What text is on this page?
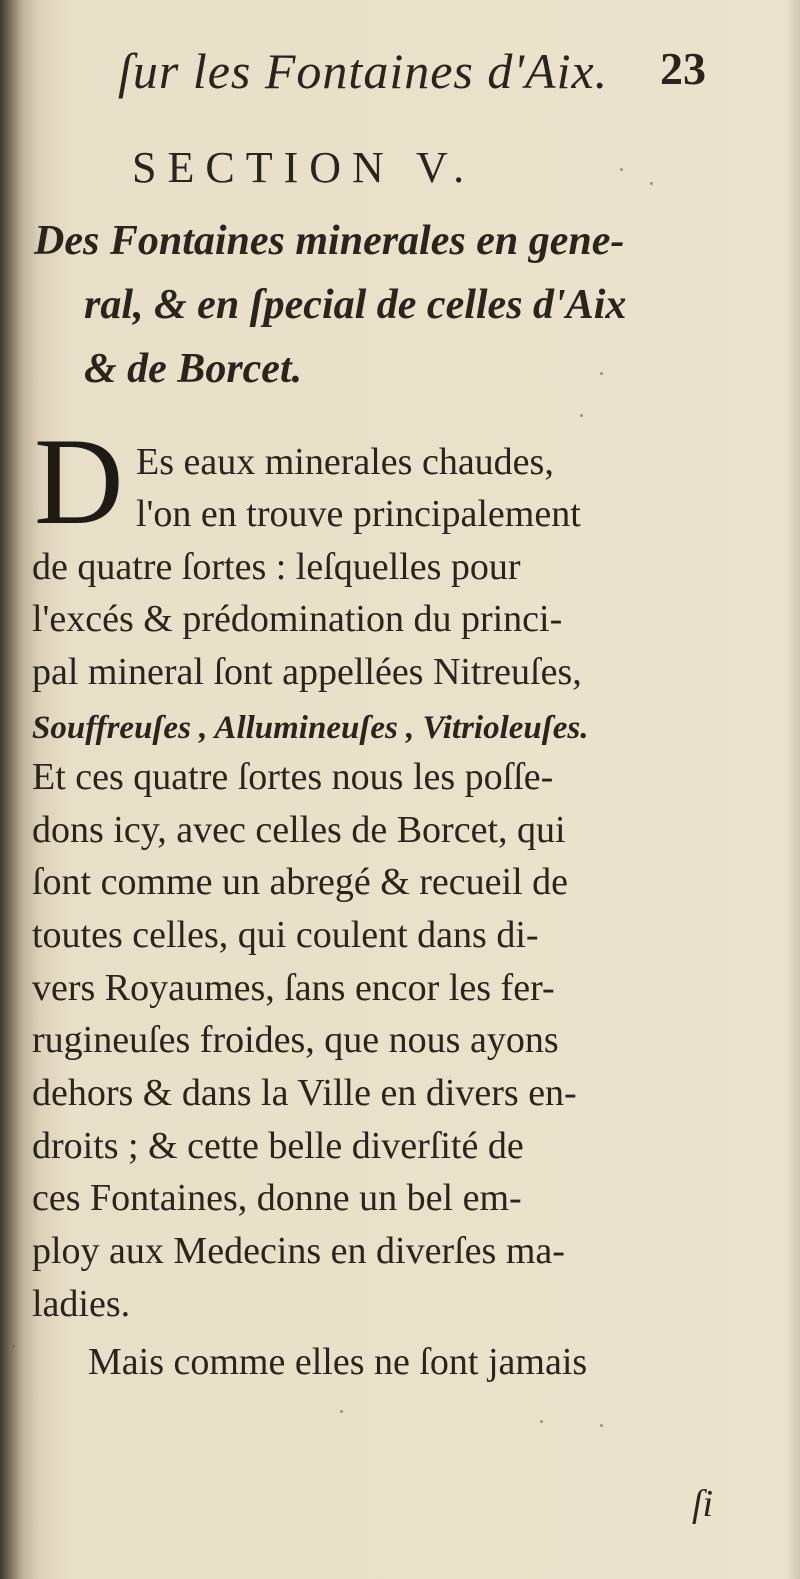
ſur les Fontaines d'Aix. 23
SECTION V.
Des Fontaines minerales en gene-
ral, & en ſpecial de celles d'Aix
& de Borcet.
D Es eaux minerales chaudes,
l'on en trouve principalement
de quatre ſortes : leſquelles pour
l'excés & prédomination du princi-
pal mineral ſont appellées Nitreuſes,
Souffreuſes , Allumineuſes , Vitrioleuſes.
Et ces quatre ſortes nous les poſſe-
dons icy, avec celles de Borcet, qui
ſont comme un abregé & recueil de
toutes celles, qui coulent dans di-
vers Royaumes, ſans encor les fer-
rugineuſes froides, que nous ayons
dehors & dans la Ville en divers en-
droits ; & cette belle diverſité de
ces Fontaines, donne un bel em-
ploy aux Medecins en diverſes ma-
ladies.
Mais comme elles ne ſont jamais
ſi
